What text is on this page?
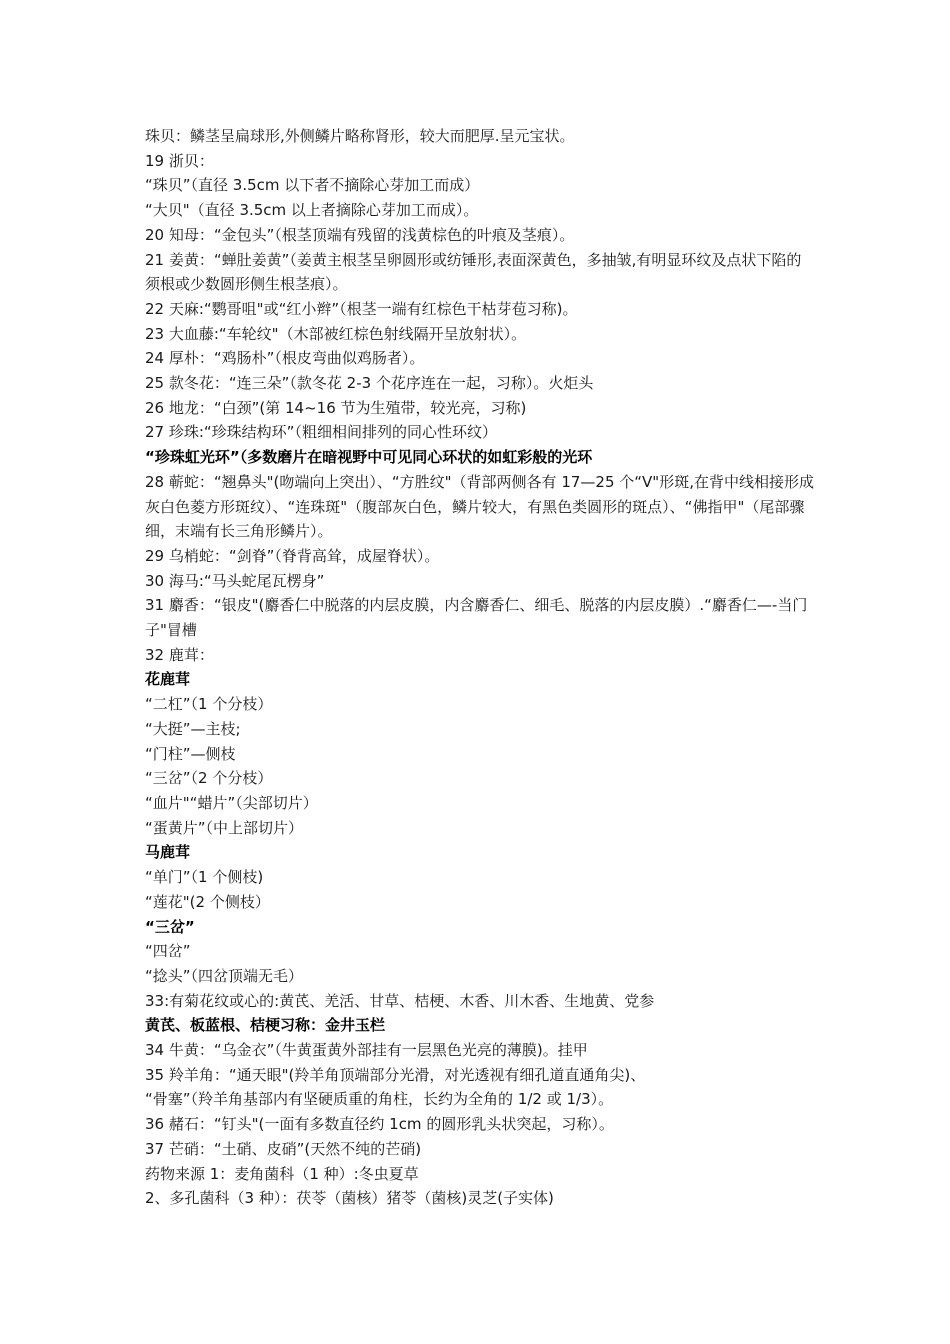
珠贝：鳞茎呈扁球形,外侧鳞片略称肾形，较大而肥厚.呈元宝状。

19 浙贝：

“珠贝”（直径 3.5cm 以下者不摘除心芽加工而成）

“大贝"（直径 3.5cm 以上者摘除心芽加工而成）。

20 知母：“金包头”（根茎顶端有残留的浅黄棕色的叶痕及茎痕）。

21 姜黄：“蝉肚姜黄”（姜黄主根茎呈卵圆形或纺锤形,表面深黄色，多抽皱,有明显环纹及点状下陷的须根或少数圆形侧生根茎痕）。

22 天麻:“鹦哥咀"或“红小辫”（根茎一端有红棕色干枯芽苞习称)。

23 大血藤:“车轮纹"（木部被红棕色射线隔开呈放射状）。

24 厚朴：“鸡肠朴”（根皮弯曲似鸡肠者）。

25 款冬花：“连三朵”（款冬花 2-3 个花序连在一起，习称）。火炬头

26 地龙：“白颈”(第 14~16 节为生殖带，较光亮，习称)

27 珍珠:“珍珠结构环”（粗细相间排列的同心性环纹）

“珍珠虹光环”（多数磨片在暗视野中可见同心环状的如虹彩般的光环

28 蕲蛇：“翘鼻头"(吻端向上突出）、“方胜纹"（背部两侧各有 17—25 个“V"形斑,在背中线相接形成灰白色菱方形斑纹）、“连珠斑"（腹部灰白色，鳞片较大，有黑色类圆形的斑点）、“佛指甲"（尾部骤细，末端有长三角形鳞片）。

29 乌梢蛇：“剑脊”（脊背高耸，成屋脊状）。

30 海马:“马头蛇尾瓦楞身”

31 麝香：“银皮"(麝香仁中脱落的内层皮膜，内含麝香仁、细毛、脱落的内层皮膜）.“麝香仁—-当门子"冒槽

32 鹿茸：

花鹿茸

“二杠”（1 个分枝）

“大挺”—主枝;

“门柱”—侧枝

“三岔”（2 个分枝）

“血片"“蜡片”（尖部切片）

“蛋黄片”（中上部切片）

马鹿茸

“单门”（1 个侧枝)

“莲花"(2 个侧枝）

“三岔”

“四岔”

“捻头”（四岔顶端无毛）

33:有菊花纹或心的:黄芪、羌活、甘草、桔梗、木香、川木香、生地黄、党参

黄芪、板蓝根、桔梗习称：金井玉栏

34 牛黄：“乌金衣”（牛黄蛋黄外部挂有一层黑色光亮的薄膜)。挂甲

35 羚羊角：“通天眼"(羚羊角顶端部分光滑，对光透视有细孔道直通角尖)、

“骨塞”（羚羊角基部内有坚硬质重的角柱，长约为全角的 1/2 或 1/3）。

36 赭石：“钉头"(一面有多数直径约 1cm 的圆形乳头状突起，习称）。

37 芒硝：“土硝、皮硝”(天然不纯的芒硝)

药物来源 1：麦角菌科（1 种）:冬虫夏草

2、多孔菌科（3 种）：茯苓（菌核）猪苓（菌核)灵芝(子实体)
